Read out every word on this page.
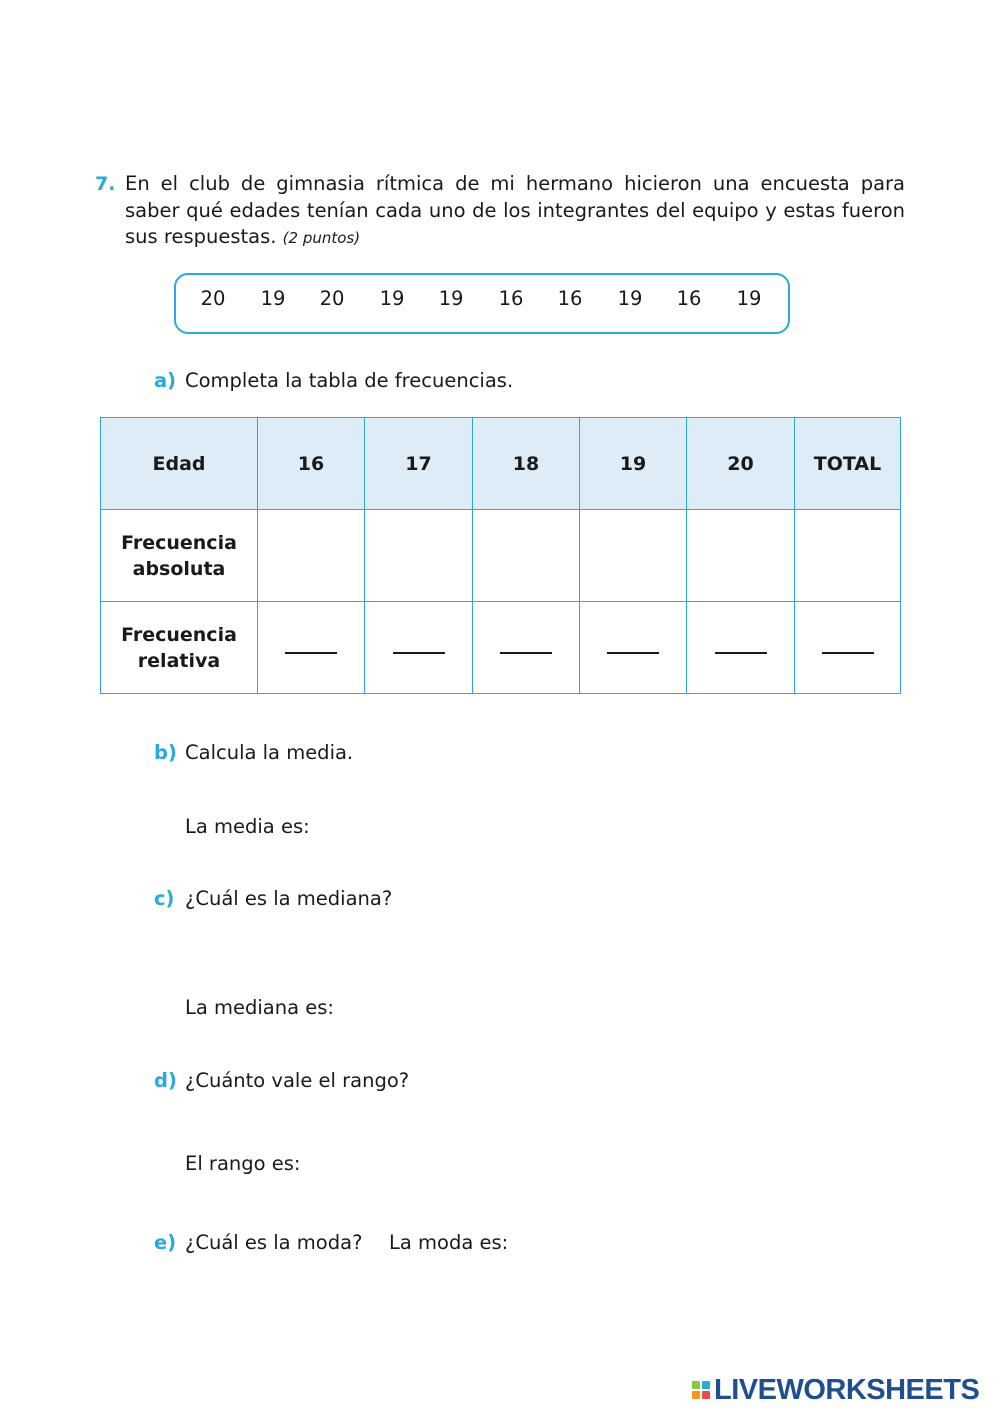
7. En el club de gimnasia rítmica de mi hermano hicieron una encuesta para saber qué edades tenían cada uno de los integrantes del equipo y estas fueron sus respuestas. (2 puntos)
20	19	20	19	19	16	16	19	16	19
a) Completa la tabla de frecuencias.
Edad	16	17	18	19	20	TOTAL
Frecuencia absoluta						
Frecuencia relativa						
b) Calcula la media.
La media es:
c) ¿Cuál es la mediana?
La mediana es:
d) ¿Cuánto vale el rango?
El rango es:
e) ¿Cuál es la moda? La moda es:
LIVEWORKSHEETS
